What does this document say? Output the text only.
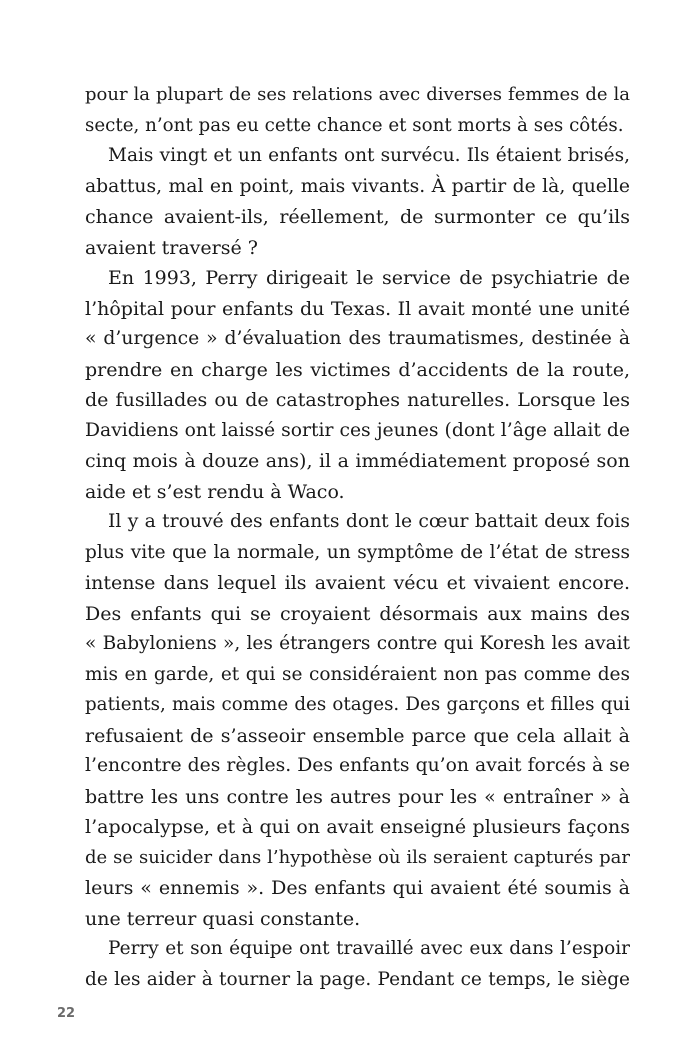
pour la plupart de ses relations avec diverses femmes de la
secte, n’ont pas eu cette chance et sont morts à ses côtés.
Mais vingt et un enfants ont survécu. Ils étaient brisés,
abattus, mal en point, mais vivants. À partir de là, quelle
chance avaient-ils, réellement, de surmonter ce qu’ils
avaient traversé ?
En 1993, Perry dirigeait le service de psychiatrie de
l’hôpital pour enfants du Texas. Il avait monté une unité
« d’urgence » d’évaluation des traumatismes, destinée à
prendre en charge les victimes d’accidents de la route,
de fusillades ou de catastrophes naturelles. Lorsque les
Davidiens ont laissé sortir ces jeunes (dont l’âge allait de
cinq mois à douze ans), il a immédiatement proposé son
aide et s’est rendu à Waco.
Il y a trouvé des enfants dont le cœur battait deux fois
plus vite que la normale, un symptôme de l’état de stress
intense dans lequel ils avaient vécu et vivaient encore.
Des enfants qui se croyaient désormais aux mains des
« Babyloniens », les étrangers contre qui Koresh les avait
mis en garde, et qui se considéraient non pas comme des
patients, mais comme des otages. Des garçons et filles qui
refusaient de s’asseoir ensemble parce que cela allait à
l’encontre des règles. Des enfants qu’on avait forcés à se
battre les uns contre les autres pour les « entraîner » à
l’apocalypse, et à qui on avait enseigné plusieurs façons
de se suicider dans l’hypothèse où ils seraient capturés par
leurs « ennemis ». Des enfants qui avaient été soumis à
une terreur quasi constante.
Perry et son équipe ont travaillé avec eux dans l’espoir
de les aider à tourner la page. Pendant ce temps, le siège
22
